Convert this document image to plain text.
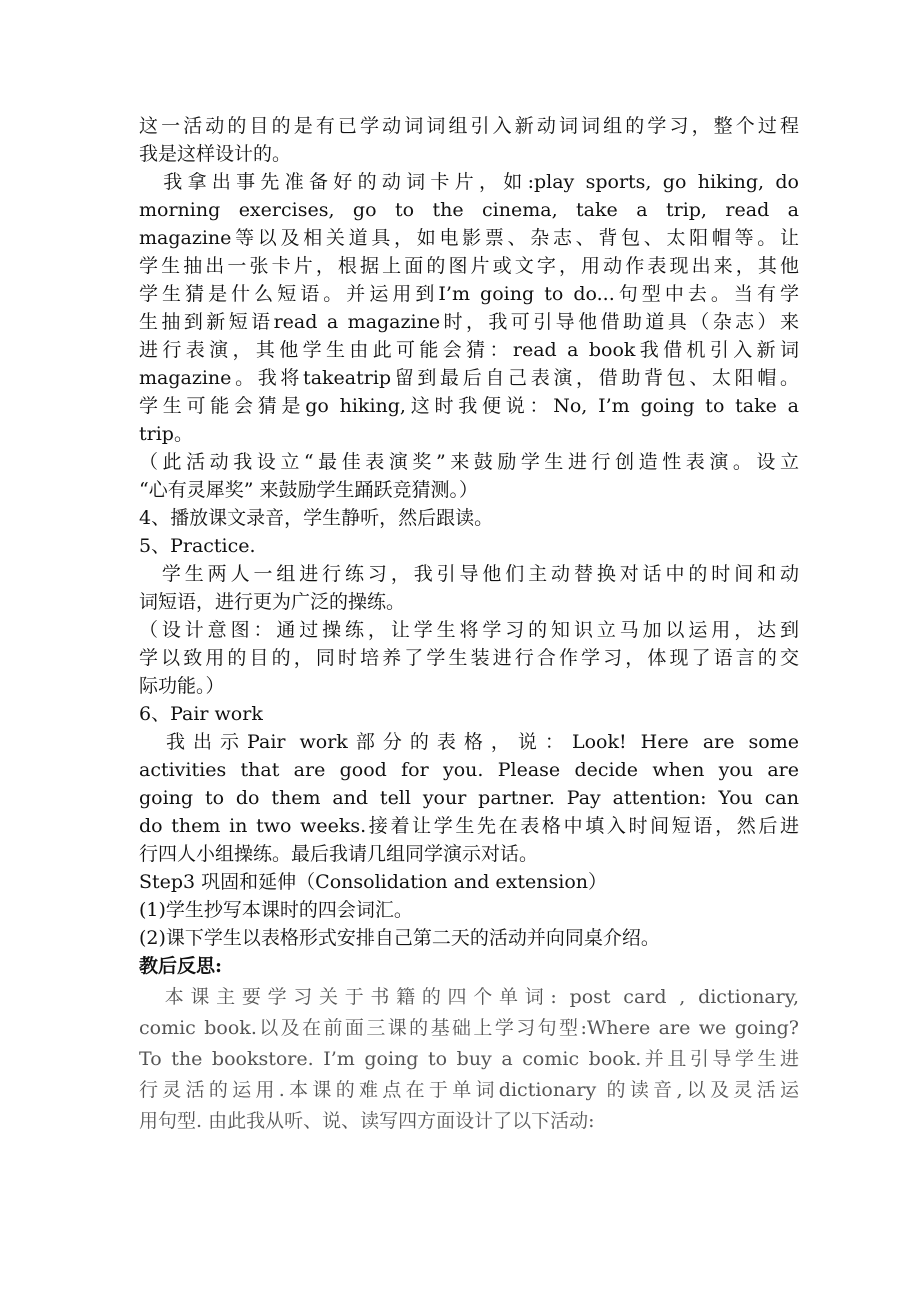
这一活动的目的是有已学动词词组引入新动词词组的学习，整个过程
我是这样设计的。
　我拿出事先准备好的动词卡片，如:play sports, go hiking, do
morning exercises, go to the cinema, take a trip, read a
magazine等以及相关道具，如电影票、杂志、背包、太阳帽等。让
学生抽出一张卡片，根据上面的图片或文字，用动作表现出来，其他
学生猜是什么短语。并运用到I’m going to do...句型中去。当有学
生抽到新短语read a magazine时，我可引导他借助道具（杂志）来
进行表演，其他学生由此可能会猜：read a book我借机引入新词
magazine。我将takeatrip留到最后自己表演，借助背包、太阳帽。
学生可能会猜是go hiking,这时我便说：No, I’m going to take a
trip。
（此活动我设立“最佳表演奖”来鼓励学生进行创造性表演。设立
“心有灵犀奖” 来鼓励学生踊跃竞猜测。）
4、播放课文录音，学生静听，然后跟读。
5、Practice.
　学生两人一组进行练习，我引导他们主动替换对话中的时间和动
词短语，进行更为广泛的操练。
（设计意图：通过操练，让学生将学习的知识立马加以运用，达到
学以致用的目的，同时培养了学生装进行合作学习，体现了语言的交
际功能。）
6、Pair work
　我出示Pair work部分的表格，说：Look! Here are some
activities that are good for you. Please decide when you are
going to do them and tell your partner. Pay attention: You can
do them in two weeks.接着让学生先在表格中填入时间短语，然后进
行四人小组操练。最后我请几组同学演示对话。
Step3 巩固和延伸（Consolidation and extension）
(1)学生抄写本课时的四会词汇。
(2)课下学生以表格形式安排自己第二天的活动并向同桌介绍。
教后反思:
　本课主要学习关于书籍的四个单词: post card , dictionary,
comic book.以及在前面三课的基础上学习句型:Where are we going?
To the bookstore. I’m going to buy a comic book.并且引导学生进
行灵活的运用.本课的难点在于单词dictionary 的读音,以及灵活运
用句型. 由此我从听、说、读写四方面设计了以下活动:
